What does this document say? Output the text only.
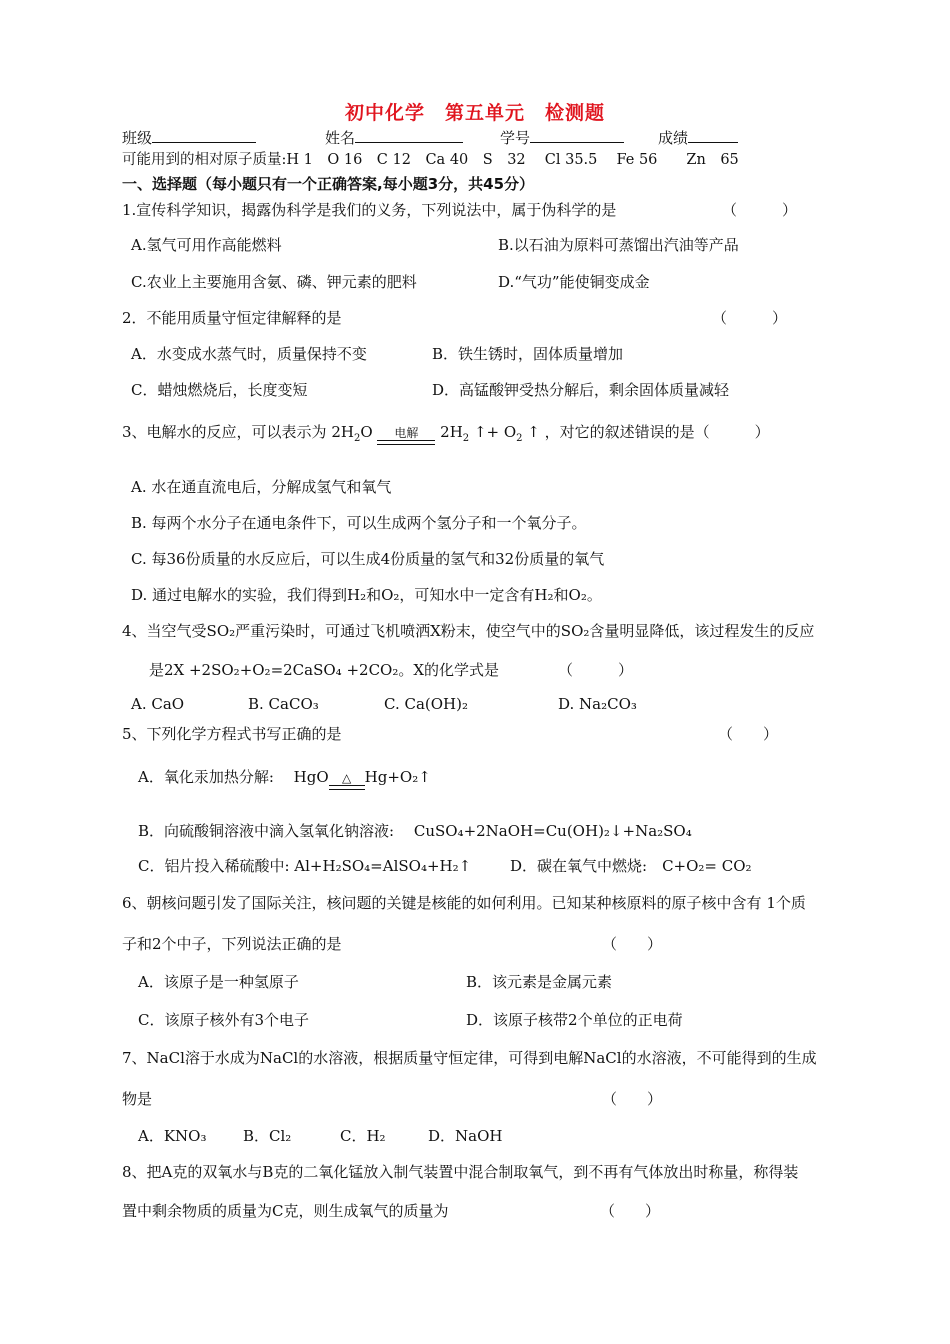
初中化学　第五单元　检测题
班级	姓名	学号	成绩
可能用到的相对原子质量:H 1　O 16　C 12　Ca 40　S　32　 Cl 35.5　 Fe 56　　Zn　65
一、选择题（每小题只有一个正确答案,每小题3分，共45分）
1.宣传科学知识，揭露伪科学是我们的义务，下列说法中，属于伪科学的是	（　　　）
A.氢气可用作高能燃料	B.以石油为原料可蒸馏出汽油等产品
C.农业上主要施用含氨、磷、钾元素的肥料	D.“气功”能使铜变成金
2．不能用质量守恒定律解释的是	（　　　）
A．水变成水蒸气时，质量保持不变	B．铁生锈时，固体质量增加
C．蜡烛燃烧后，长度变短	D．高锰酸钾受热分解后，剩余固体质量减轻
3、电解水的反应，可以表示为 $2H_2O$ 电解 $2H_2$ ↑+ $O_2$ ↑ ，对它的叙述错误的是（　　　）
A. 水在通直流电后，分解成氢气和氧气
B. 每两个水分子在通电条件下，可以生成两个氢分子和一个氧分子。
C. 每36份质量的水反应后，可以生成4份质量的氢气和32份质量的氧气
D. 通过电解水的实验，我们得到H₂和O₂，可知水中一定含有H₂和O₂。
4、当空气受SO₂严重污染时，可通过飞机喷洒X粉末，使空气中的SO₂含量明显降低，该过程发生的反应
是2X +2SO₂+O₂=2CaSO₄ +2CO₂。X的化学式是	（　　　）
A. CaO	B. CaCO₃	C. Ca(OH)₂	D. Na₂CO₃
5、下列化学方程式书写正确的是	（　　）
A．氧化汞加热分解: 　HgO △ Hg+O₂↑
B．向硫酸铜溶液中滴入氢氧化钠溶液:　 CuSO₄+2NaOH=Cu(OH)₂↓+Na₂SO₄
C．铝片投入稀硫酸中: Al+H₂SO₄=AlSO₄+H₂↑	D．碳在氧气中燃烧:　C+O₂= CO₂
6、朝核问题引发了国际关注，核问题的关键是核能的如何利用。已知某种核原料的原子核中含有 1个质
子和2个中子，下列说法正确的是	（　　）
A．该原子是一种氢原子	B．该元素是金属元素
C．该原子核外有3个电子	D．该原子核带2个单位的正电荷
7、NaCl溶于水成为NaCl的水溶液，根据质量守恒定律，可得到电解NaCl的水溶液，不可能得到的生成
物是	（　　）
A．KNO₃ B．Cl₂	C．H₂	D．NaOH
8、把A克的双氧水与B克的二氧化锰放入制气装置中混合制取氧气，到不再有气体放出时称量，称得装
置中剩余物质的质量为C克，则生成氧气的质量为	（　　）
